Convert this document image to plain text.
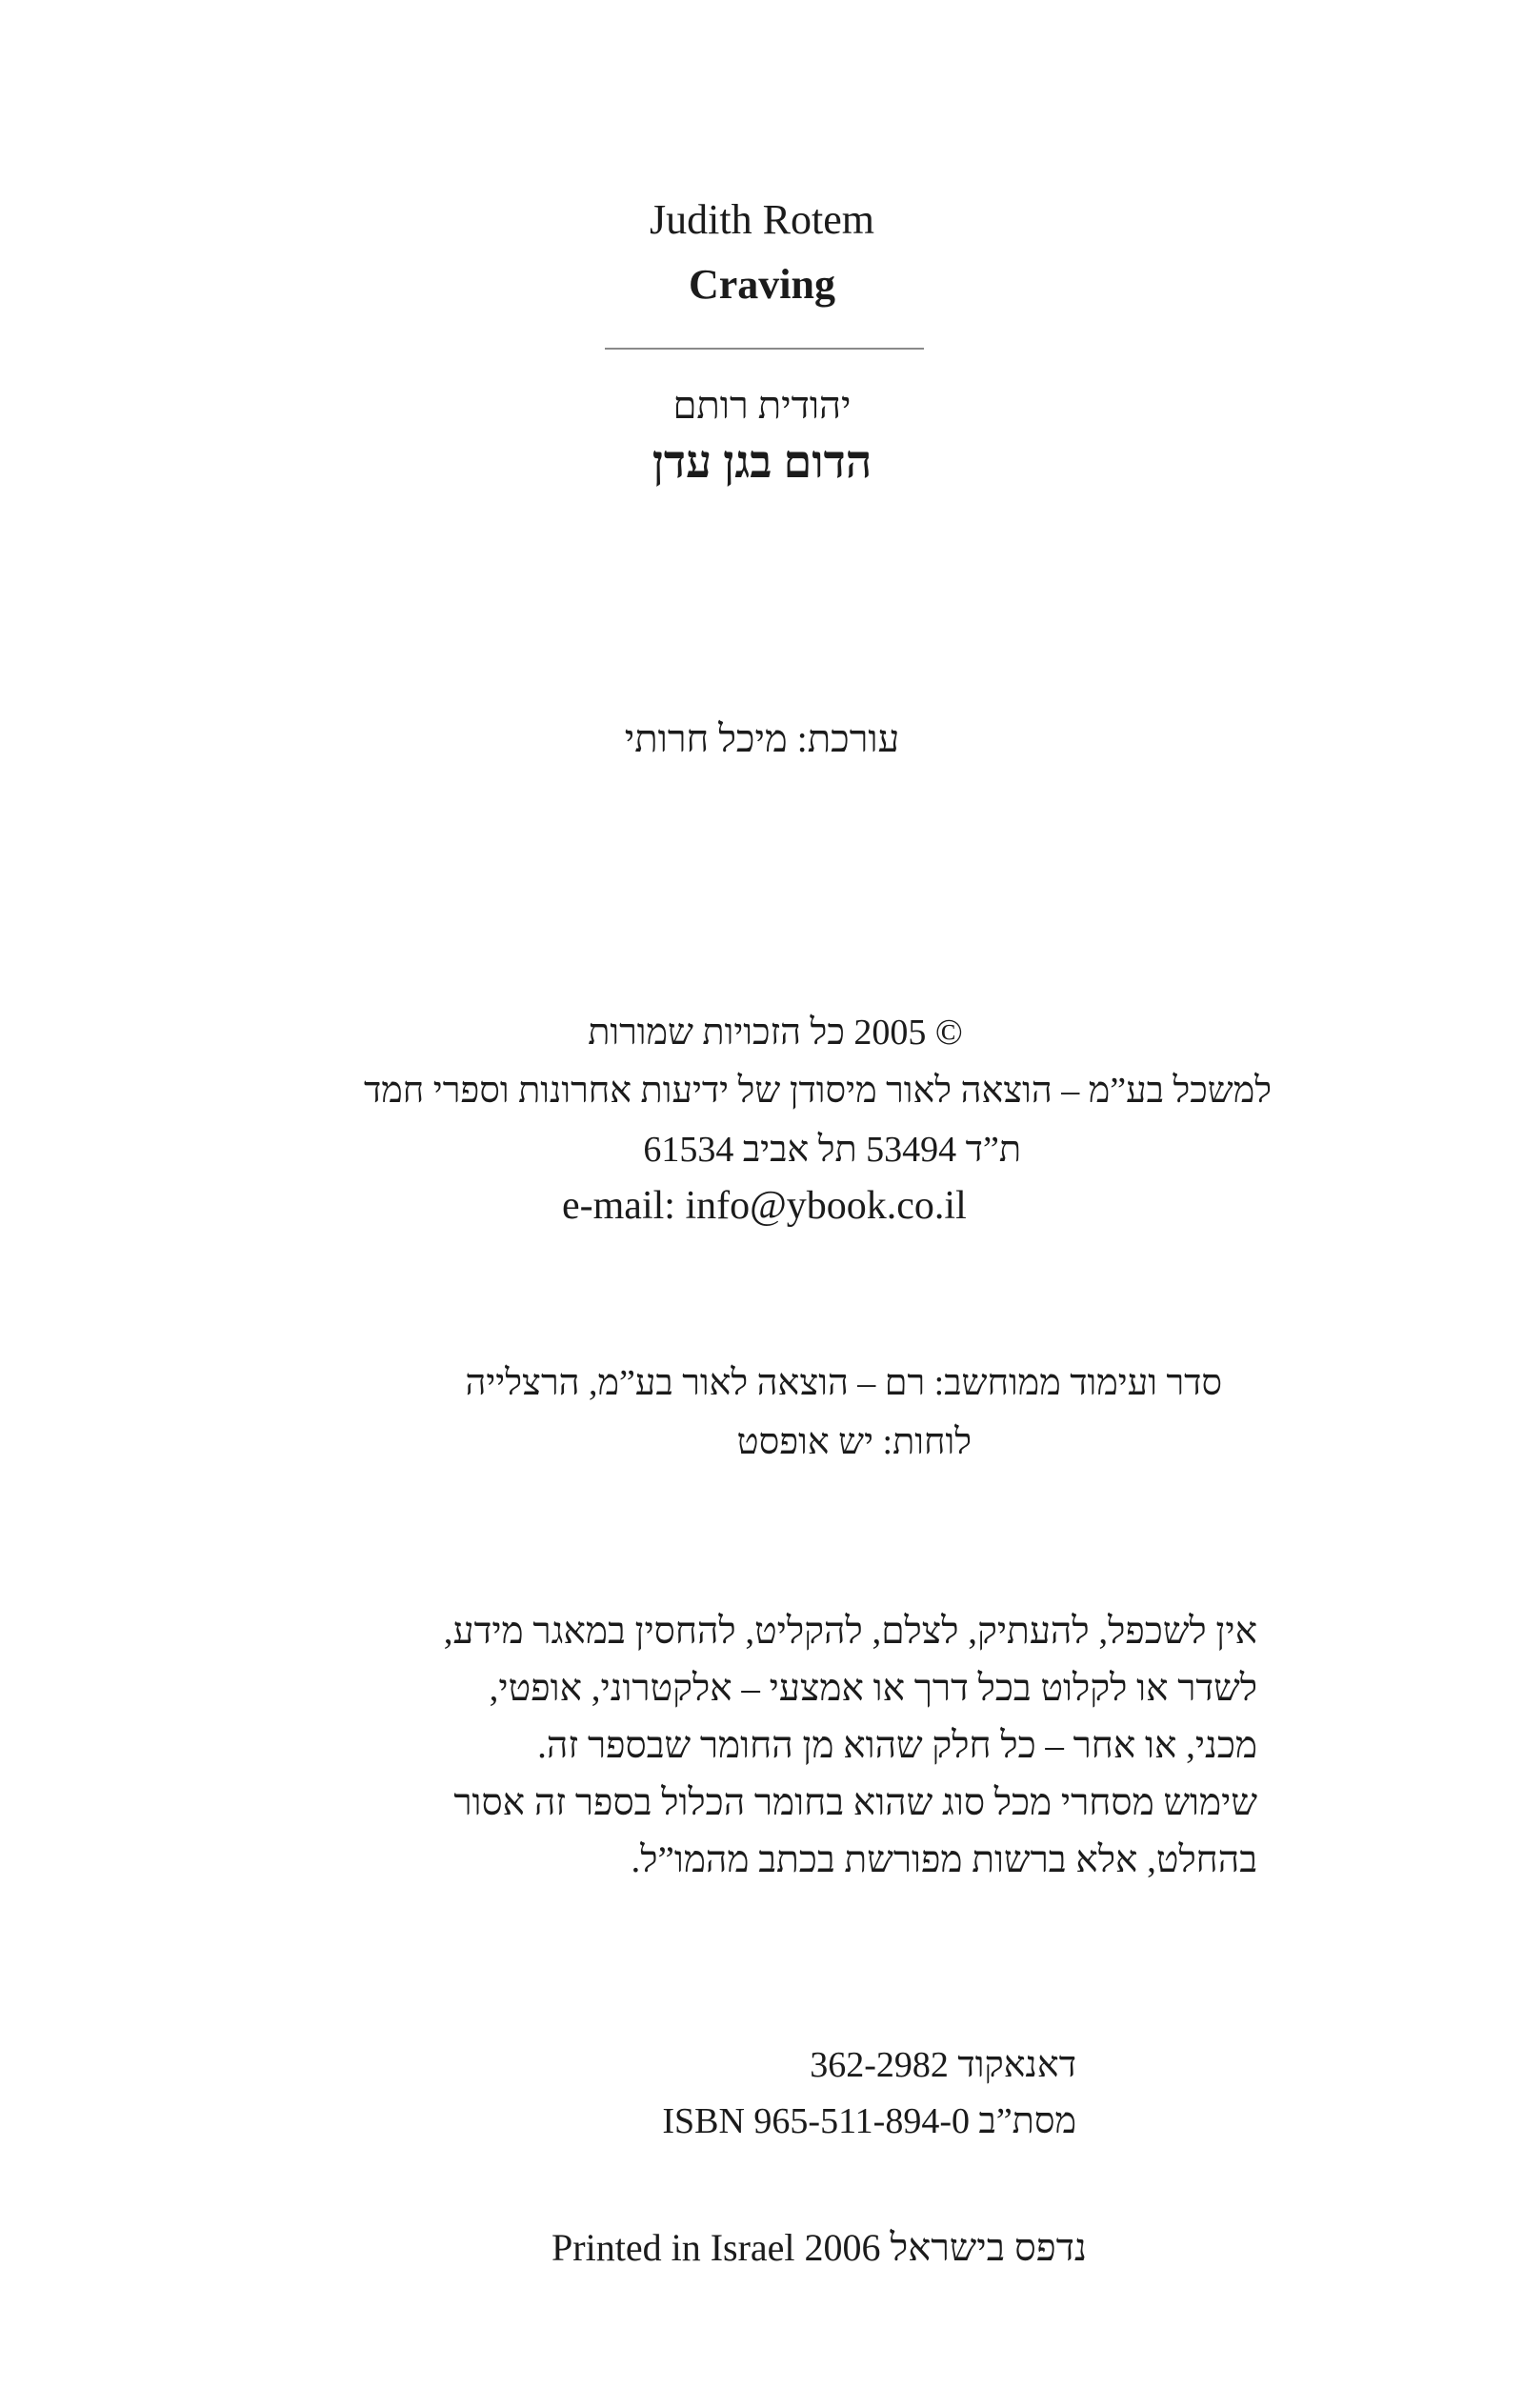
Judith Rotem
Craving
יהודית רותם
הדום בגן עדן
עורכת: מיכל חרותי
© 2005 כל הזכויות שמורות
למשכל בע”מ – הוצאה לאור מיסודן של ידיעות אחרונות וספרי חמד
ת”ד 53494 תל אביב 61534
e-mail: info@ybook.co.il
סדר ועימוד ממוחשב: רם – הוצאה לאור בע”מ, הרצלייה
לוחות: יש אופסט
אין לשכפל, להעתיק, לצלם, להקליט, להחסין במאגר מידע,
לשדר או לקלוט בכל דרך או אמצעי – אלקטרוני, אופטי,
מכני, או אחר – כל חלק שהוא מן החומר שבספר זה.
שימוש מסחרי מכל סוג שהוא בחומר הכלול בספר זה אסור
בהחלט, אלא ברשות מפורשת בכתב מהמו”ל.
דאנאקוד 362-2982
מסת”ב ISBN 965-511-894-0
נדפס בישראל 2006 Printed in Israel
